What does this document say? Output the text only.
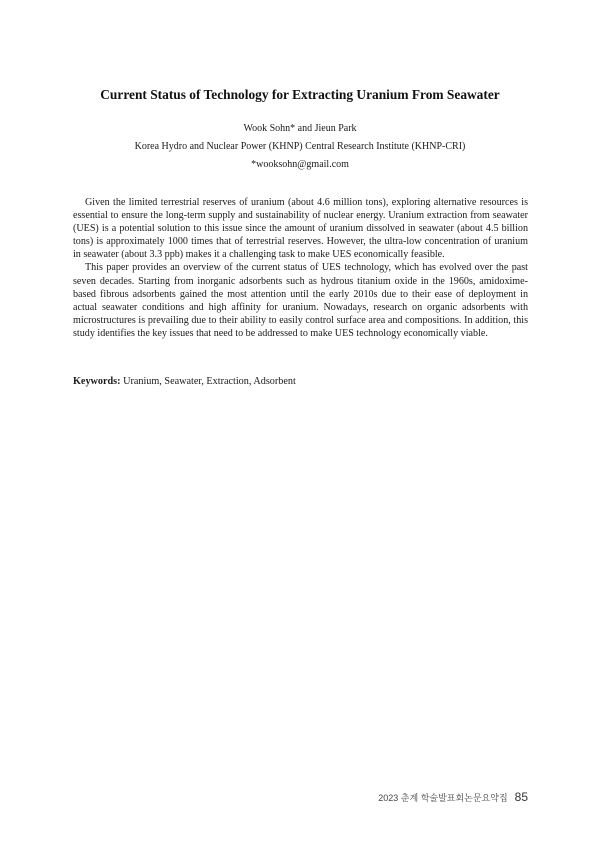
Current Status of Technology for Extracting Uranium From Seawater
Wook Sohn* and Jieun Park
Korea Hydro and Nuclear Power (KHNP) Central Research Institute (KHNP-CRI)
*wooksohn@gmail.com

Given the limited terrestrial reserves of uranium (about 4.6 million tons), exploring alternative resources is essential to ensure the long-term supply and sustainability of nuclear energy. Uranium extraction from seawater (UES) is a potential solution to this issue since the amount of uranium dissolved in seawater (about 4.5 billion tons) is approximately 1000 times that of terrestrial reserves. However, the ultra-low concentration of uranium in seawater (about 3.3 ppb) makes it a challenging task to make UES economically feasible.

This paper provides an overview of the current status of UES technology, which has evolved over the past seven decades. Starting from inorganic adsorbents such as hydrous titanium oxide in the 1960s, amidoxime-based fibrous adsorbents gained the most attention until the early 2010s due to their ease of deployment in actual seawater conditions and high affinity for uranium. Nowadays, research on organic adsorbents with microstructures is prevailing due to their ability to easily control surface area and compositions. In addition, this study identifies the key issues that need to be addressed to make UES technology economically viable.

Keywords: Uranium, Seawater, Extraction, Adsorbent
2023 춘계 학술발표회논문요약집 85
